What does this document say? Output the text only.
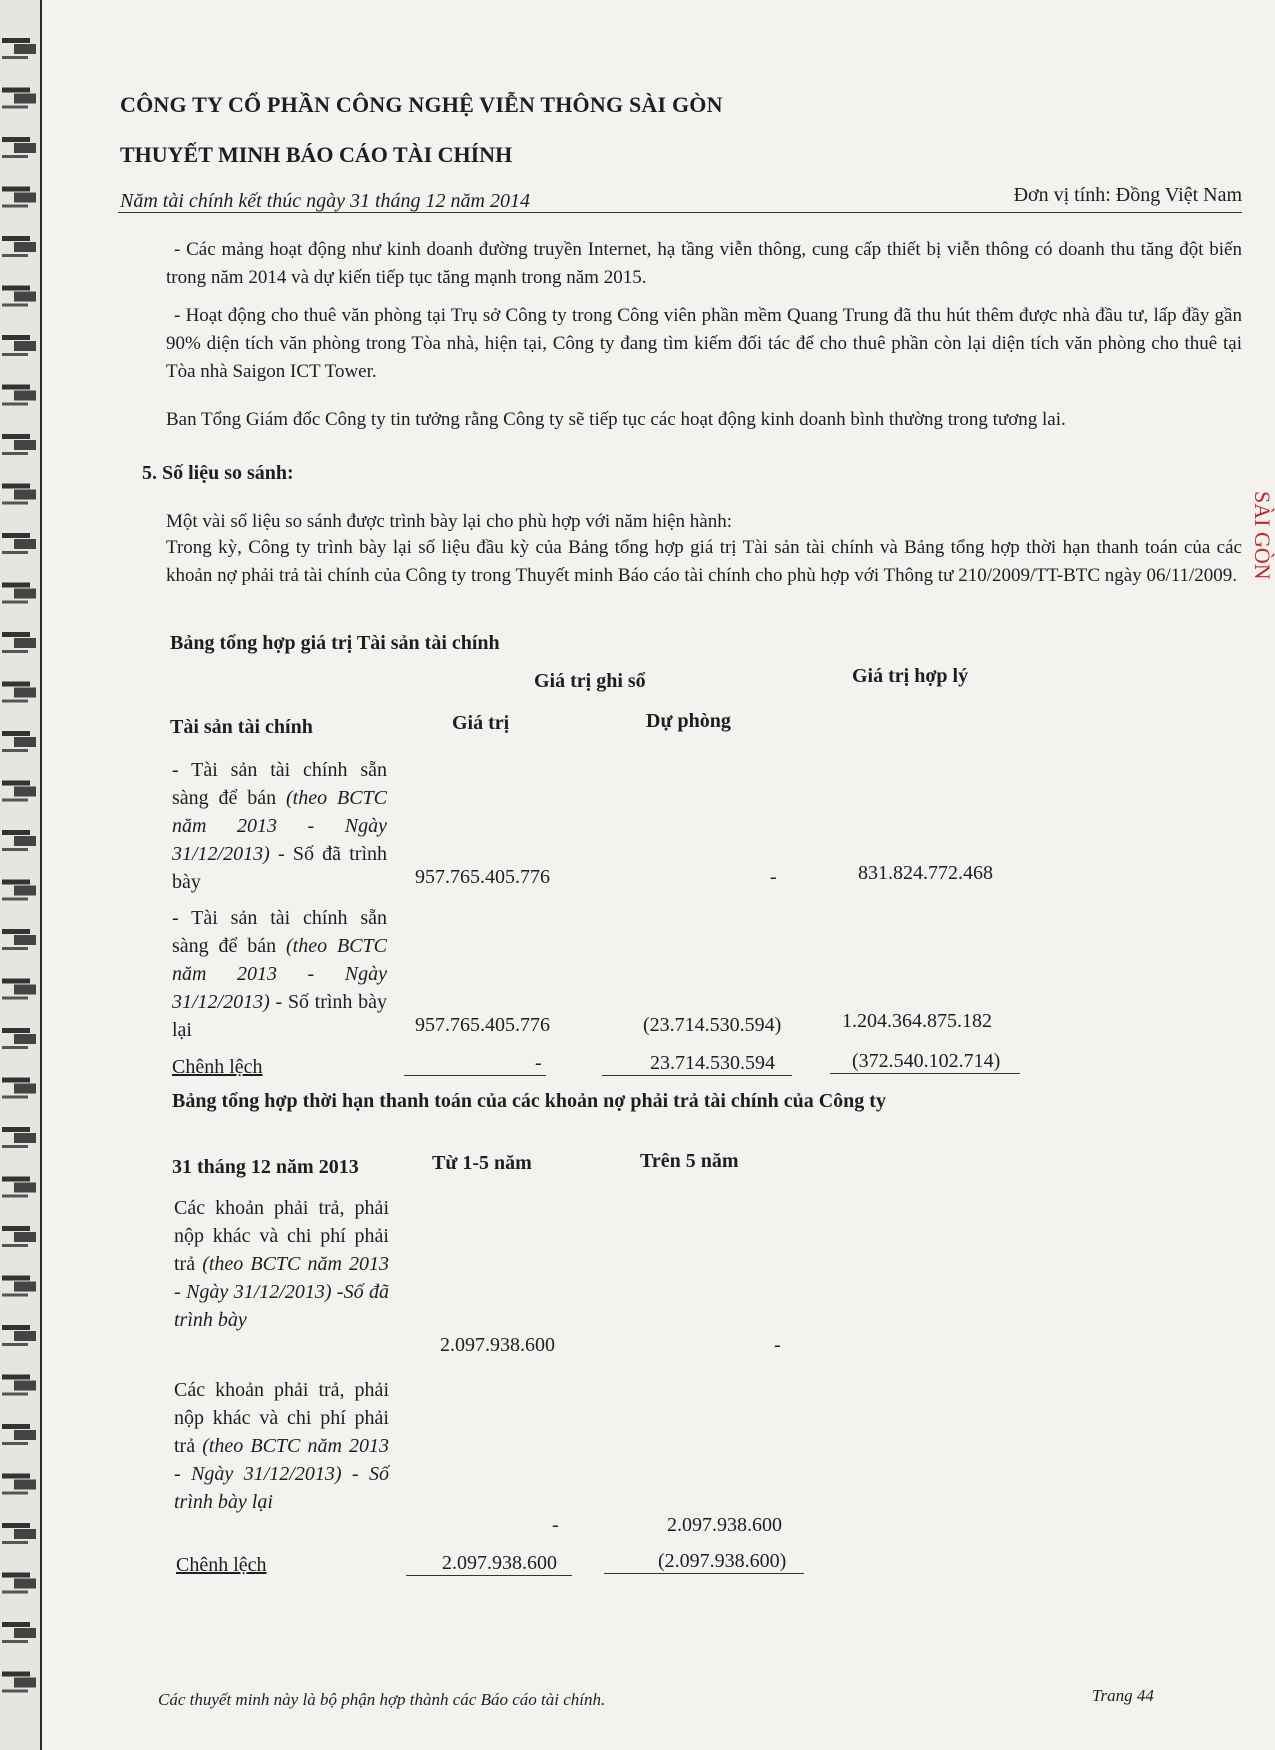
SÀI GÒN
CÔNG TY CỔ PHẦN CÔNG NGHỆ VIỄN THÔNG SÀI GÒN
THUYẾT MINH BÁO CÁO TÀI CHÍNH
Năm tài chính kết thúc ngày 31 tháng 12 năm 2014	Đơn vị tính: Đồng Việt Nam
- Các mảng hoạt động như kinh doanh đường truyền Internet, hạ tầng viễn thông, cung cấp thiết bị viễn thông có doanh thu tăng đột biến trong năm 2014 và dự kiến tiếp tục tăng mạnh trong năm 2015.
- Hoạt động cho thuê văn phòng tại Trụ sở Công ty trong Công viên phần mềm Quang Trung đã thu hút thêm được nhà đầu tư, lấp đầy gần 90% diện tích văn phòng trong Tòa nhà, hiện tại, Công ty đang tìm kiếm đối tác để cho thuê phần còn lại diện tích văn phòng cho thuê tại Tòa nhà Saigon ICT Tower.
Ban Tổng Giám đốc Công ty tin tưởng rằng Công ty sẽ tiếp tục các hoạt động kinh doanh bình thường trong tương lai.
5. Số liệu so sánh:
Một vài số liệu so sánh được trình bày lại cho phù hợp với năm hiện hành:
Trong kỳ, Công ty trình bày lại số liệu đầu kỳ của Bảng tổng hợp giá trị Tài sản tài chính và Bảng tổng hợp thời hạn thanh toán của các khoản nợ phải trả tài chính của Công ty trong Thuyết minh Báo cáo tài chính cho phù hợp với Thông tư 210/2009/TT-BTC ngày 06/11/2009.
Bảng tổng hợp giá trị Tài sản tài chính
Giá trị ghi sổ	Giá trị hợp lý
Tài sản tài chính	Giá trị	Dự phòng
- Tài sản tài chính sẵn sàng để bán (theo BCTC năm 2013 - Ngày 31/12/2013) - Số đã trình bày	957.765.405.776	-	831.824.772.468
- Tài sản tài chính sẵn sàng để bán (theo BCTC năm 2013 - Ngày 31/12/2013) - Số trình bày lại	957.765.405.776	(23.714.530.594)	1.204.364.875.182
Chênh lệch	-	23.714.530.594	(372.540.102.714)
Bảng tổng hợp thời hạn thanh toán của các khoản nợ phải trả tài chính của Công ty
31 tháng 12 năm 2013	Từ 1-5 năm	Trên 5 năm
Các khoản phải trả, phải nộp khác và chi phí phải trả (theo BCTC năm 2013 - Ngày 31/12/2013) -Số đã trình bày
2.097.938.600	-
Các khoản phải trả, phải nộp khác và chi phí phải trả (theo BCTC năm 2013 - Ngày 31/12/2013) - Số trình bày lại
-	2.097.938.600
Chênh lệch	2.097.938.600	(2.097.938.600)
Các thuyết minh này là bộ phận hợp thành các Báo cáo tài chính.	Trang 44
